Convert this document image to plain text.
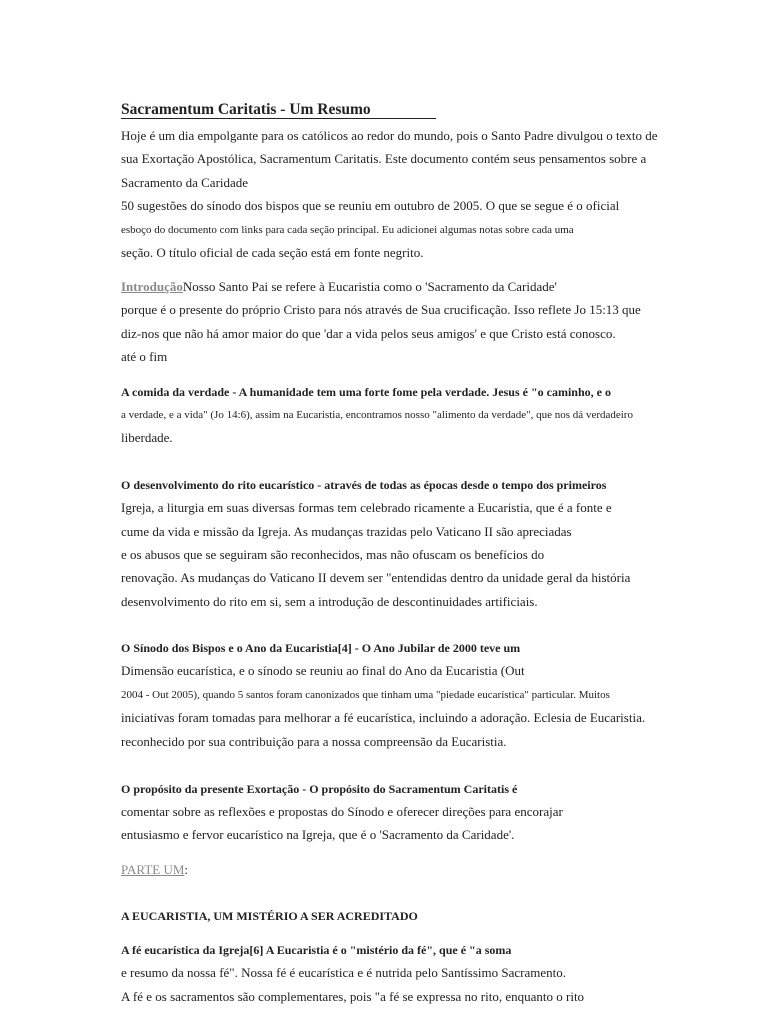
Sacramentum Caritatis - Um Resumo
Hoje é um dia empolgante para os católicos ao redor do mundo, pois o Santo Padre divulgou o texto de
sua Exortação Apostólica, Sacramentum Caritatis. Este documento contém seus pensamentos sobre a
Sacramento da Caridade
50 sugestões do sínodo dos bispos que se reuniu em outubro de 2005. O que se segue é o oficial
esboço do documento com links para cada seção principal. Eu adicionei algumas notas sobre cada uma
seção. O título oficial de cada seção está em fonte negrito.
IntroduçãoNosso Santo Pai se refere à Eucaristia como o 'Sacramento da Caridade'
porque é o presente do próprio Cristo para nós através de Sua crucificação. Isso reflete Jo 15:13 que
diz-nos que não há amor maior do que 'dar a vida pelos seus amigos' e que Cristo está conosco.
até o fim
A comida da verdade - A humanidade tem uma forte fome pela verdade. Jesus é "o caminho, e o
a verdade, e a vida" (Jo 14:6), assim na Eucaristia, encontramos nosso "alimento da verdade", que nos dá verdadeiro
liberdade.
O desenvolvimento do rito eucarístico - através de todas as épocas desde o tempo dos primeiros
Igreja, a liturgia em suas diversas formas tem celebrado ricamente a Eucaristia, que é a fonte e
cume da vida e missão da Igreja. As mudanças trazidas pelo Vaticano II são apreciadas
e os abusos que se seguiram são reconhecidos, mas não ofuscam os benefícios do
renovação. As mudanças do Vaticano II devem ser "entendidas dentro da unidade geral da história
desenvolvimento do rito em si, sem a introdução de descontinuidades artificiais.
O Sínodo dos Bispos e o Ano da Eucaristia[4] - O Ano Jubilar de 2000 teve um
Dimensão eucarística, e o sínodo se reuniu ao final do Ano da Eucaristia (Out
2004 - Out 2005), quando 5 santos foram canonizados que tinham uma "piedade eucarística" particular. Muitos
iniciativas foram tomadas para melhorar a fé eucarística, incluindo a adoração. Eclesia de Eucaristia.
reconhecido por sua contribuição para a nossa compreensão da Eucaristia.
O propósito da presente Exortação - O propósito do Sacramentum Caritatis é
comentar sobre as reflexões e propostas do Sínodo e oferecer direções para encorajar
entusiasmo e fervor eucarístico na Igreja, que é o 'Sacramento da Caridade'.
PARTE UM:
A EUCARISTIA, UM MISTÉRIO A SER ACREDITADO
A fé eucarística da Igreja[6] A Eucaristia é o "mistério da fé", que é "a soma
e resumo da nossa fé". Nossa fé é eucarística e é nutrida pelo Santíssimo Sacramento.
A fé e os sacramentos são complementares, pois "a fé se expressa no rito, enquanto o rito
